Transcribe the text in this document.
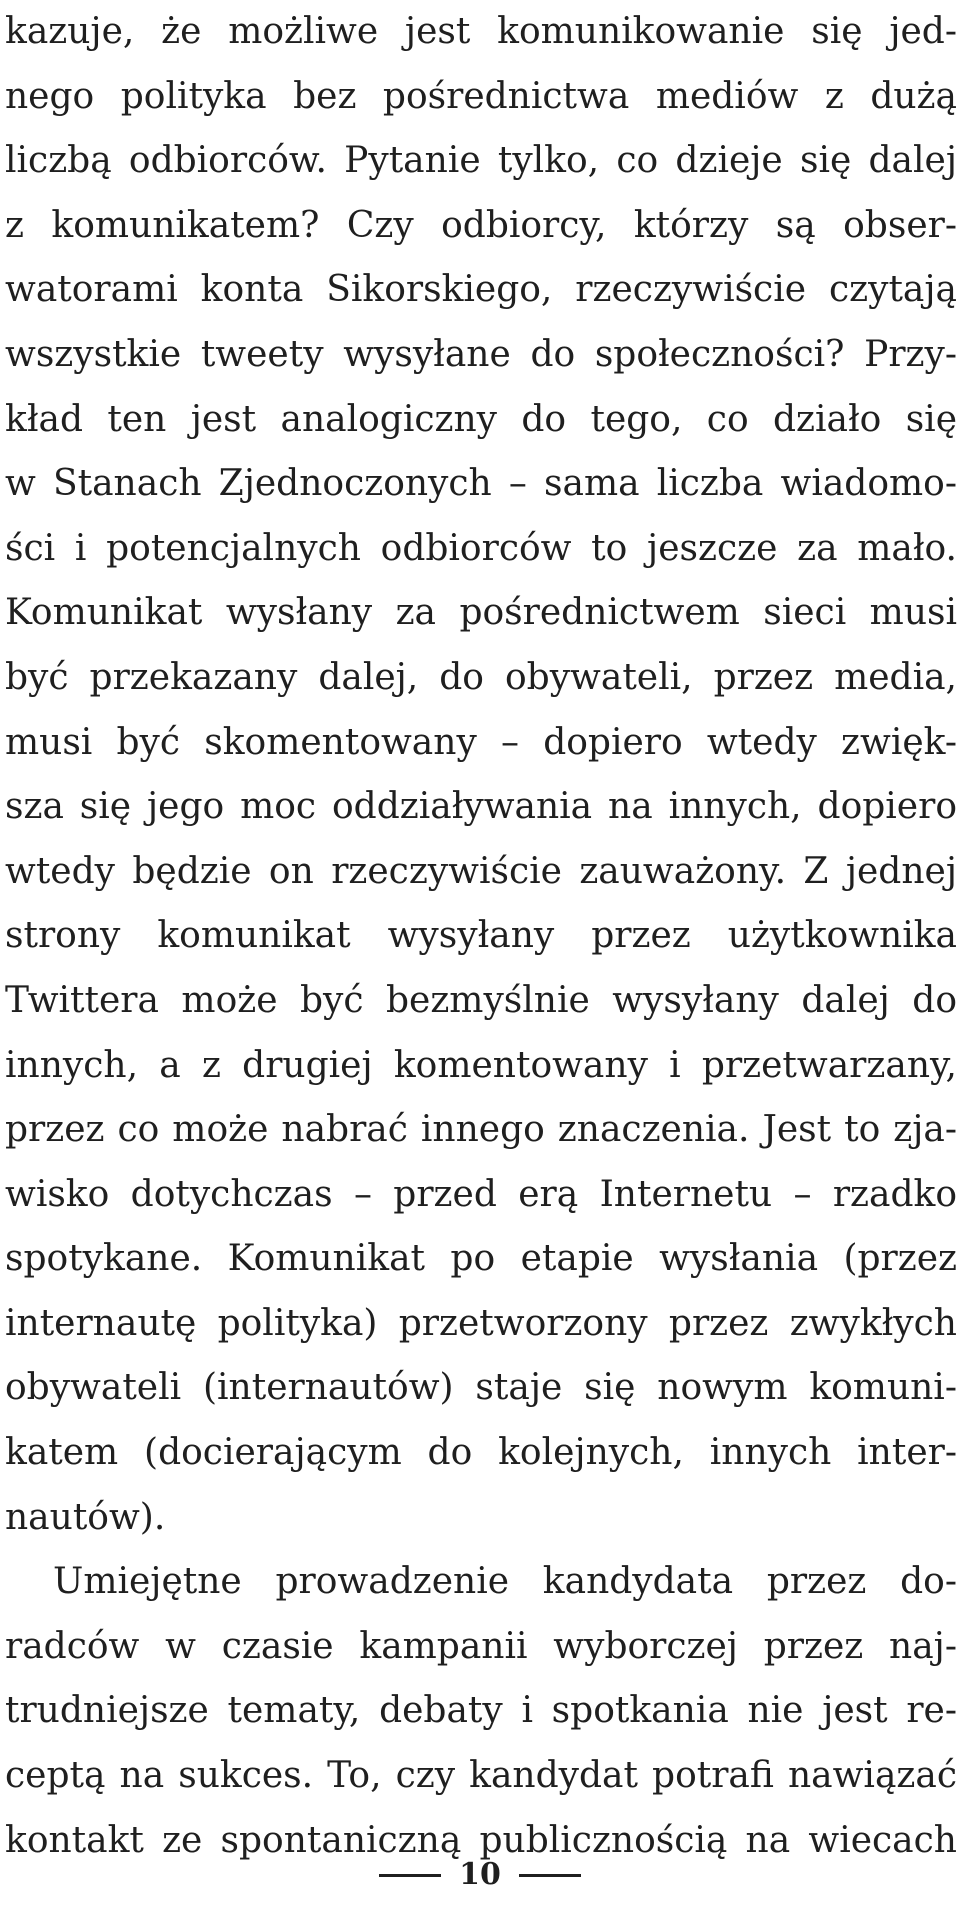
kazuje, że możliwe jest komunikowanie się jed-
nego polityka bez pośrednictwa mediów z dużą
liczbą odbiorców. Pytanie tylko, co dzieje się dalej
z komunikatem? Czy odbiorcy, którzy są obser-
watorami konta Sikorskiego, rzeczywiście czytają
wszystkie tweety wysyłane do społeczności? Przy-
kład ten jest analogiczny do tego, co działo się
w Stanach Zjednoczonych – sama liczba wiadomo-
ści i potencjalnych odbiorców to jeszcze za mało.
Komunikat wysłany za pośrednictwem sieci musi
być przekazany dalej, do obywateli, przez media,
musi być skomentowany – dopiero wtedy zwięk-
sza się jego moc oddziaływania na innych, dopiero
wtedy będzie on rzeczywiście zauważony. Z jednej
strony komunikat wysyłany przez użytkownika
Twittera może być bezmyślnie wysyłany dalej do
innych, a z drugiej komentowany i przetwarzany,
przez co może nabrać innego znaczenia. Jest to zja-
wisko dotychczas – przed erą Internetu – rzadko
spotykane. Komunikat po etapie wysłania (przez
internautę polityka) przetworzony przez zwykłych
obywateli (internautów) staje się nowym komuni-
katem (docierającym do kolejnych, innych inter-
nautów).
Umiejętne prowadzenie kandydata przez do-
radców w czasie kampanii wyborczej przez naj-
trudniejsze tematy, debaty i spotkania nie jest re-
ceptą na sukces. To, czy kandydat potrafi nawiązać
kontakt ze spontaniczną publicznością na wiecach
10
